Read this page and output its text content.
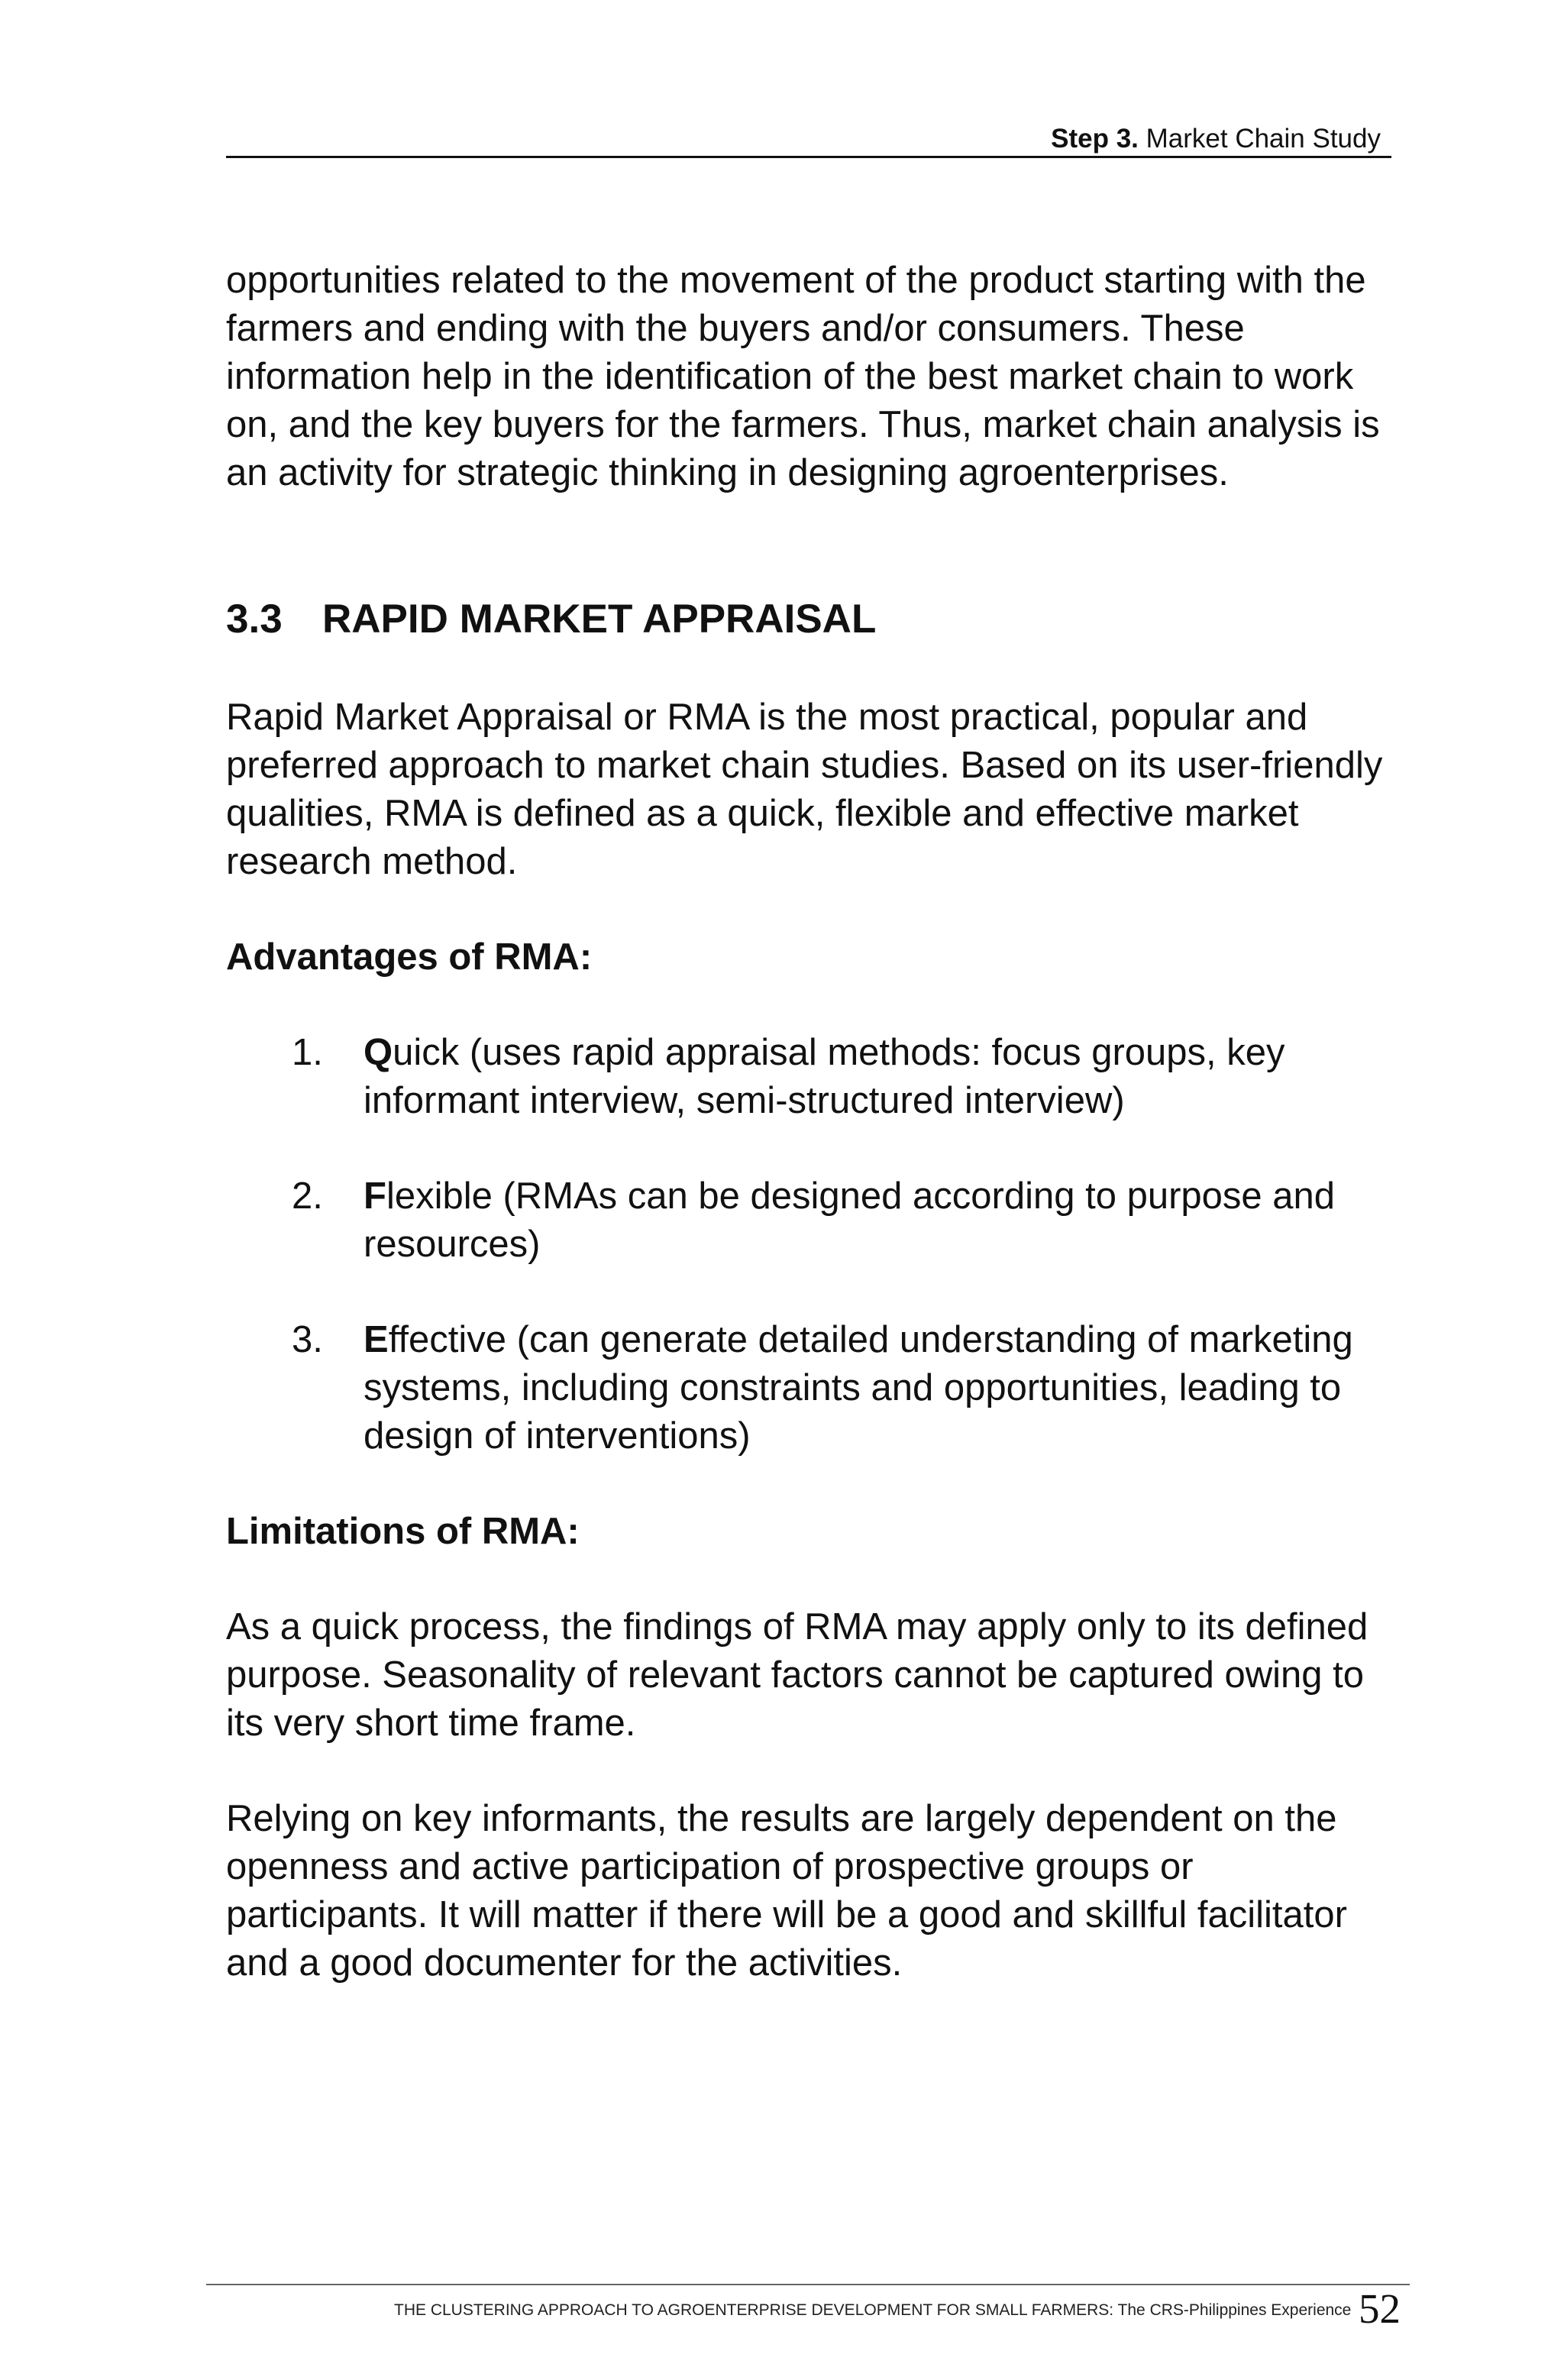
Step 3. Market Chain Study

opportunities related to the movement of the product starting with the farmers and ending with the buyers and/or consumers. These information help in the identification of the best market chain to work on, and the key buyers for the farmers. Thus, market chain analysis is an activity for strategic thinking in designing agroenterprises.

3.3 RAPID MARKET APPRAISAL

Rapid Market Appraisal or RMA is the most practical, popular and preferred approach to market chain studies. Based on its user-friendly qualities, RMA is defined as a quick, flexible and effective market research method.

Advantages of RMA:
1. Quick (uses rapid appraisal methods: focus groups, key informant interview, semi-structured interview)
2. Flexible (RMAs can be designed according to purpose and resources)
3. Effective (can generate detailed understanding of marketing systems, including constraints and opportunities, leading to design of interventions)
Limitations of RMA:

As a quick process, the findings of RMA may apply only to its defined purpose. Seasonality of relevant factors cannot be captured owing to its very short time frame.

Relying on key informants, the results are largely dependent on the openness and active participation of prospective groups or participants. It will matter if there will be a good and skillful facilitator and a good documenter for the activities.

THE CLUSTERING APPROACH TO AGROENTERPRISE DEVELOPMENT FOR SMALL FARMERS: The CRS-Philippines Experience 52
